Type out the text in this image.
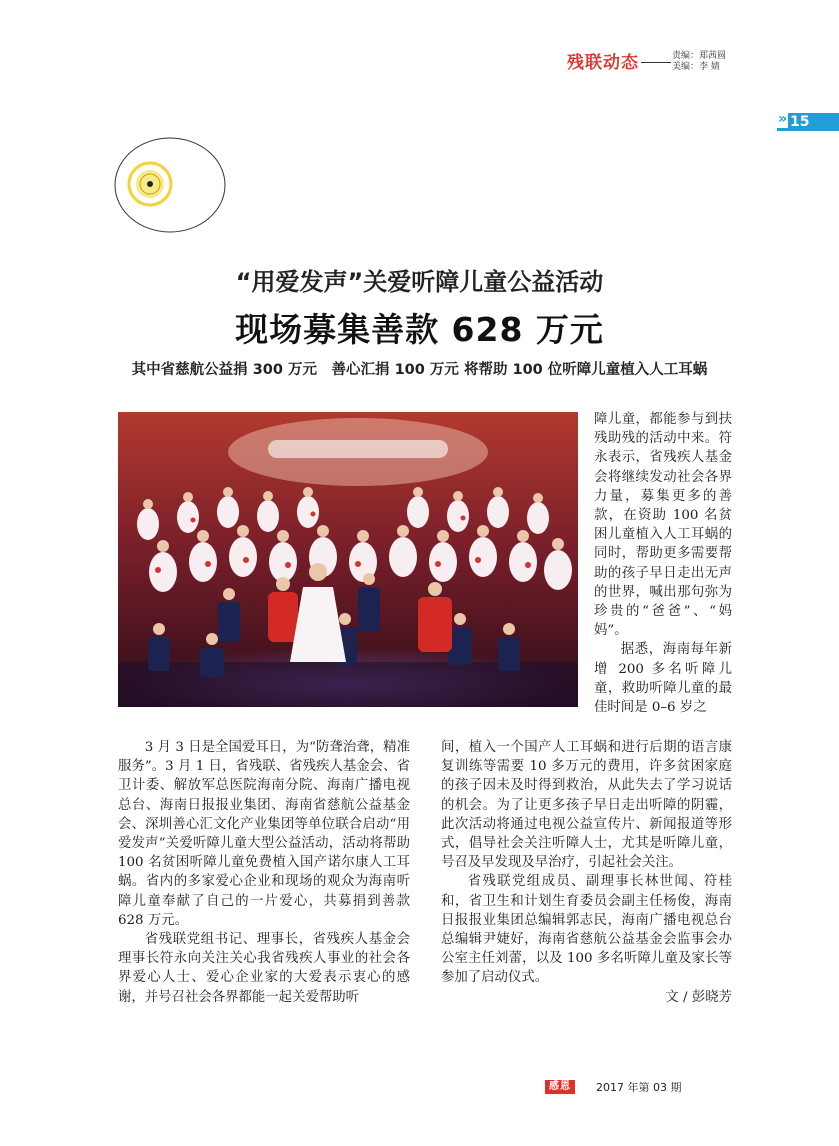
残联动态	责编：郑茜圆
美编：李 婧
» 15
“用爱发声”关爱听障儿童公益活动
现场募集善款 628 万元
其中省慈航公益捐 300 万元　善心汇捐 100 万元 将帮助 100 位听障儿童植入人工耳蜗

障儿童，都能参与到扶残助残的活动中来。符永表示，省残疾人基金会将继续发动社会各界力量，募集更多的善款，在资助 100 名贫困儿童植入人工耳蜗的同时，帮助更多需要帮助的孩子早日走出无声的世界，喊出那句弥为珍贵的“爸爸”、“妈妈”。

据悉，海南每年新增 200 多名听障儿童，救助听障儿童的最佳时间是 0–6 岁之

3 月 3 日是全国爱耳日，为“防聋治聋，精准服务”。3 月 1 日，省残联、省残疾人基金会、省卫计委、解放军总医院海南分院、海南广播电视总台、海南日报报业集团、海南省慈航公益基金会、深圳善心汇文化产业集团等单位联合启动“用爱发声”关爱听障儿童大型公益活动，活动将帮助 100 名贫困听障儿童免费植入国产诺尔康人工耳蜗。省内的多家爱心企业和现场的观众为海南听障儿童奉献了自己的一片爱心，共募捐到善款 628 万元。

省残联党组书记、理事长，省残疾人基金会理事长符永向关注关心我省残疾人事业的社会各界爱心人士、爱心企业家的大爱表示衷心的感谢，并号召社会各界都能一起关爱帮助听

间，植入一个国产人工耳蜗和进行后期的语言康复训练等需要 10 多万元的费用，许多贫困家庭的孩子因未及时得到救治，从此失去了学习说话的机会。为了让更多孩子早日走出听障的阴霾，此次活动将通过电视公益宣传片、新闻报道等形式，倡导社会关注听障人士，尤其是听障儿童，号召及早发现及早治疗，引起社会关注。

省残联党组成员、副理事长林世闻、符桂和，省卫生和计划生育委员会副主任杨俊，海南日报报业集团总编辑郭志民，海南广播电视总台总编辑尹婕好，海南省慈航公益基金会监事会办公室主任刘蕾，以及 100 多名听障儿童及家长等参加了启动仪式。

文 / 彭晓芳
感恩	2017 年第 03 期
